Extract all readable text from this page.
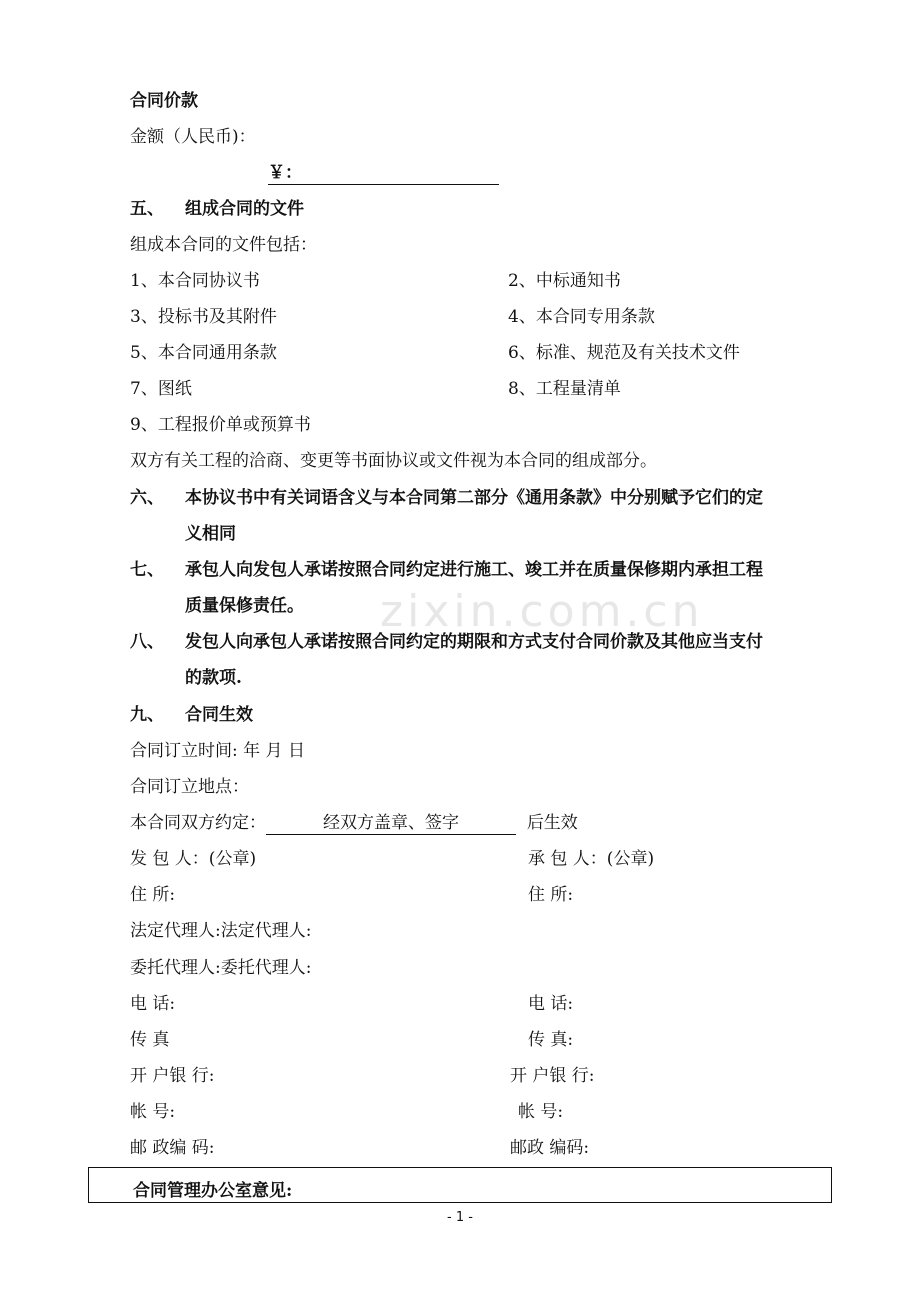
zixin.com.cn
合同价款
金额（人民币)：
￥：
五、 组成合同的文件
组成本合同的文件包括：
1、本合同协议书	2、中标通知书
3、投标书及其附件	4、本合同专用条款
5、本合同通用条款	6、标准、规范及有关技术文件
7、图纸	8、工程量清单
9、工程报价单或预算书
双方有关工程的洽商、变更等书面协议或文件视为本合同的组成部分。
六、 本协议书中有关词语含义与本合同第二部分《通用条款》中分别赋予它们的定
义相同
七、 承包人向发包人承诺按照合同约定进行施工、竣工并在质量保修期内承担工程
质量保修责任。
八、 发包人向承包人承诺按照合同约定的期限和方式支付合同价款及其他应当支付
的款项.
九、 合同生效
合同订立时间: 年 月 日
合同订立地点：
本合同双方约定：	经双方盖章、签字	后生效
发 包 人：(公章)	承 包 人：(公章)
住 所:	住 所:
法定代理人:法定代理人:
委托代理人:委托代理人:
电 话:	电 话:
传 真	传 真:
开 户银 行:	开 户银 行:
帐 号:	帐 号:
邮 政编 码:	邮政 编码:
合同管理办公室意见:
- 1 -
